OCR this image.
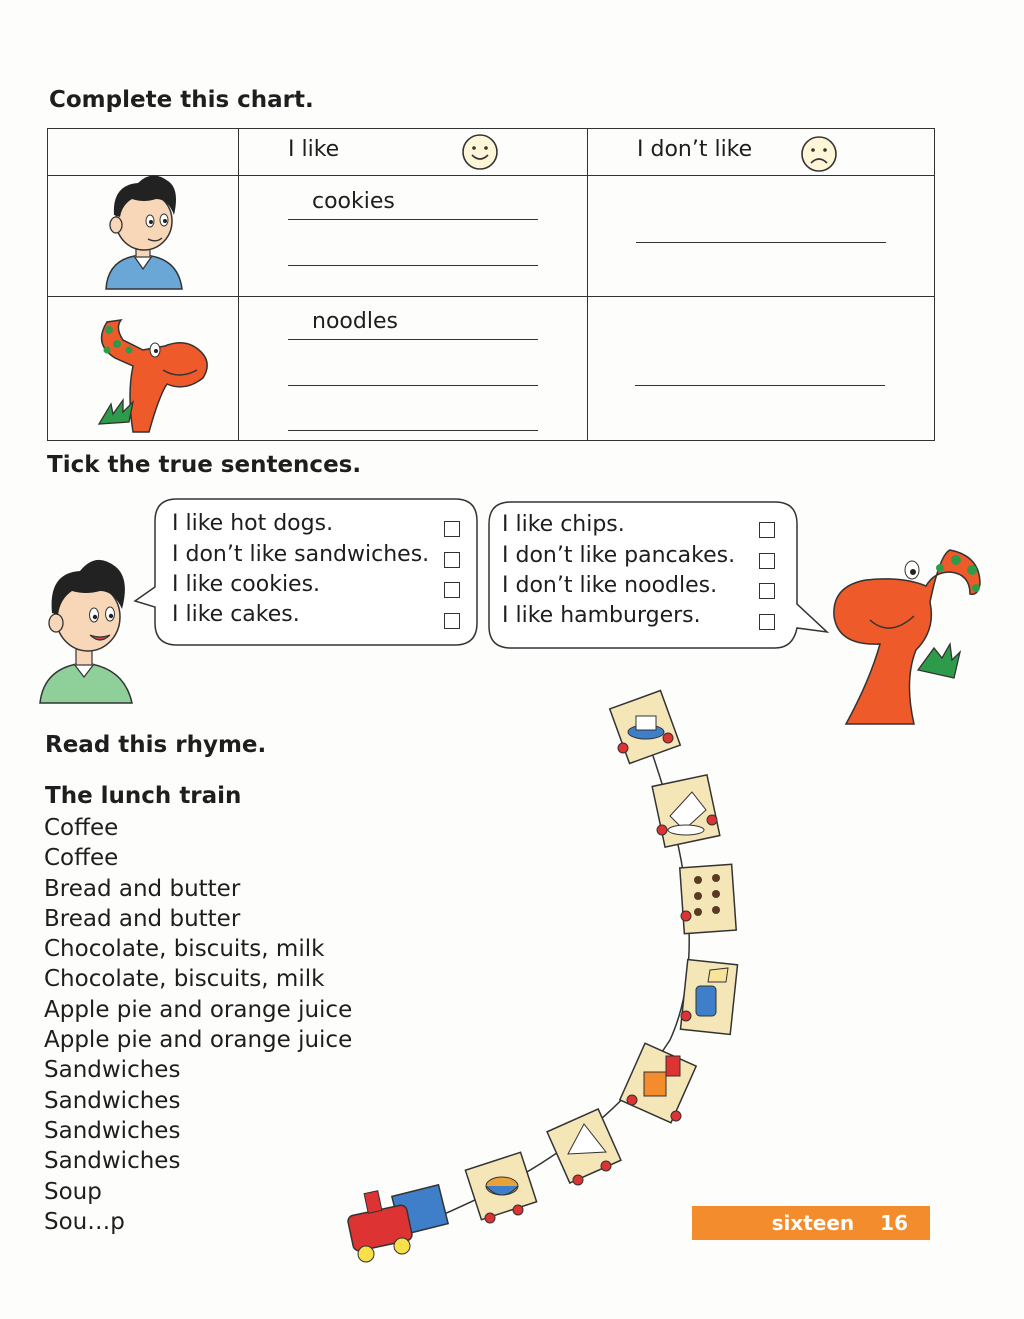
Complete this chart.
I like	I don’t like
cookies
noodles
Tick the true sentences.
I like hot dogs.
I don’t like sandwiches.
I like cookies.
I like cakes.
I like chips.
I don’t like pancakes.
I don’t like noodles.
I like hamburgers.
Read this rhyme.
The lunch train
Coffee
Coffee
Bread and butter
Bread and butter
Chocolate, biscuits, milk
Chocolate, biscuits, milk
Apple pie and orange juice
Apple pie and orange juice
Sandwiches
Sandwiches
Sandwiches
Sandwiches
Soup
Sou…p	sixteen 16
